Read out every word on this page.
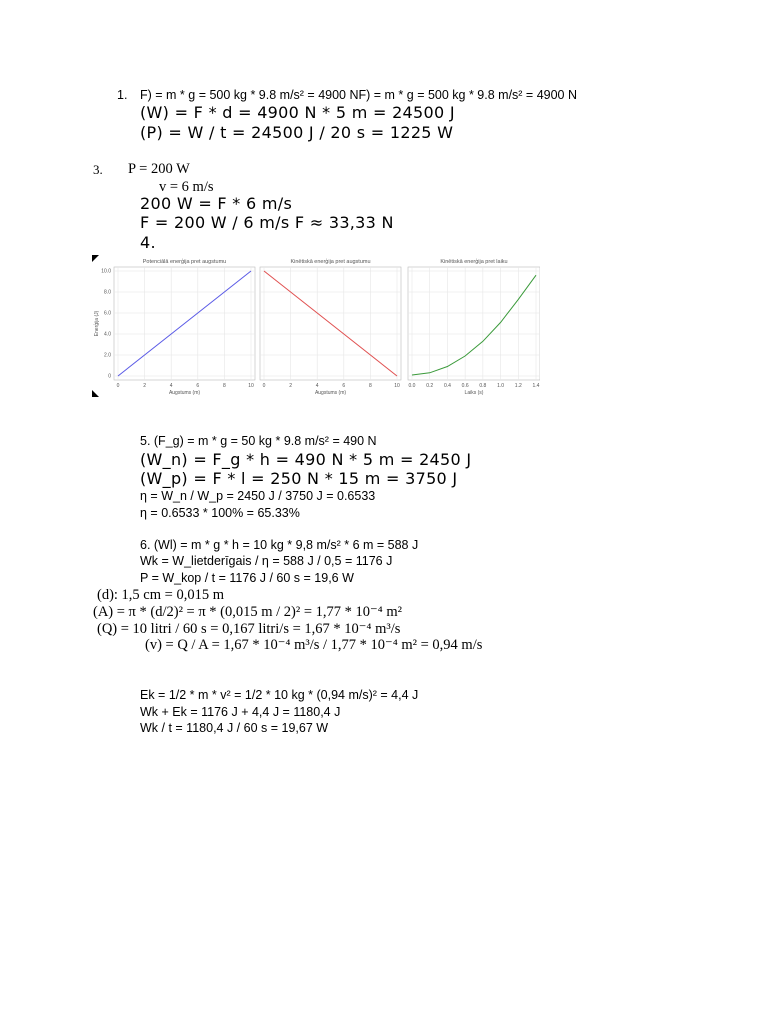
1. F) = m * g = 500 kg * 9.8 m/s² = 4900 NF) = m * g = 500 kg * 9.8 m/s² = 4900 N
(W) = F * d = 4900 N * 5 m = 24500 J
(P) = W / t = 24500 J / 20 s = 1225 W
3. P = 200 W
v = 6 m/s
200 W = F * 6 m/s
F = 200 W / 6 m/s F ≈ 33,33 N
4.
0	2	4	6	8	10
0
2.0
4.0
6.0
8.0
10.0
Potenciālā enerģija pret augstumu
Augstums (m)
Enerģija (J)
0	2	4	6	8	10
Kinētiskā enerģija pret augstumu
Augstums (m)
0.0 0.2 0.4 0.6 0.8 1.0 1.2 1.4
Kinētiskā enerģija pret laiku
Laiks (s)
5. (F_g) = m * g = 50 kg * 9.8 m/s² = 490 N
(W_n) = F_g * h = 490 N * 5 m = 2450 J
(W_p) = F * l = 250 N * 15 m = 3750 J
η = W_n / W_p = 2450 J / 3750 J = 0.6533
η = 0.6533 * 100% = 65.33%
6. (Wl) = m * g * h = 10 kg * 9,8 m/s² * 6 m = 588 J
Wk = W_lietderīgais / η = 588 J / 0,5 = 1176 J
P = W_kop / t = 1176 J / 60 s = 19,6 W
(d): 1,5 cm = 0,015 m
(A) = π * (d/2)² = π * (0,015 m / 2)² = 1,77 * 10⁻⁴ m²
(Q) = 10 litri / 60 s = 0,167 litri/s = 1,67 * 10⁻⁴ m³/s
(v) = Q / A = 1,67 * 10⁻⁴ m³/s / 1,77 * 10⁻⁴ m² = 0,94 m/s
Ek = 1/2 * m * v² = 1/2 * 10 kg * (0,94 m/s)² = 4,4 J
Wk + Ek = 1176 J + 4,4 J = 1180,4 J
Wk / t = 1180,4 J / 60 s = 19,67 W
